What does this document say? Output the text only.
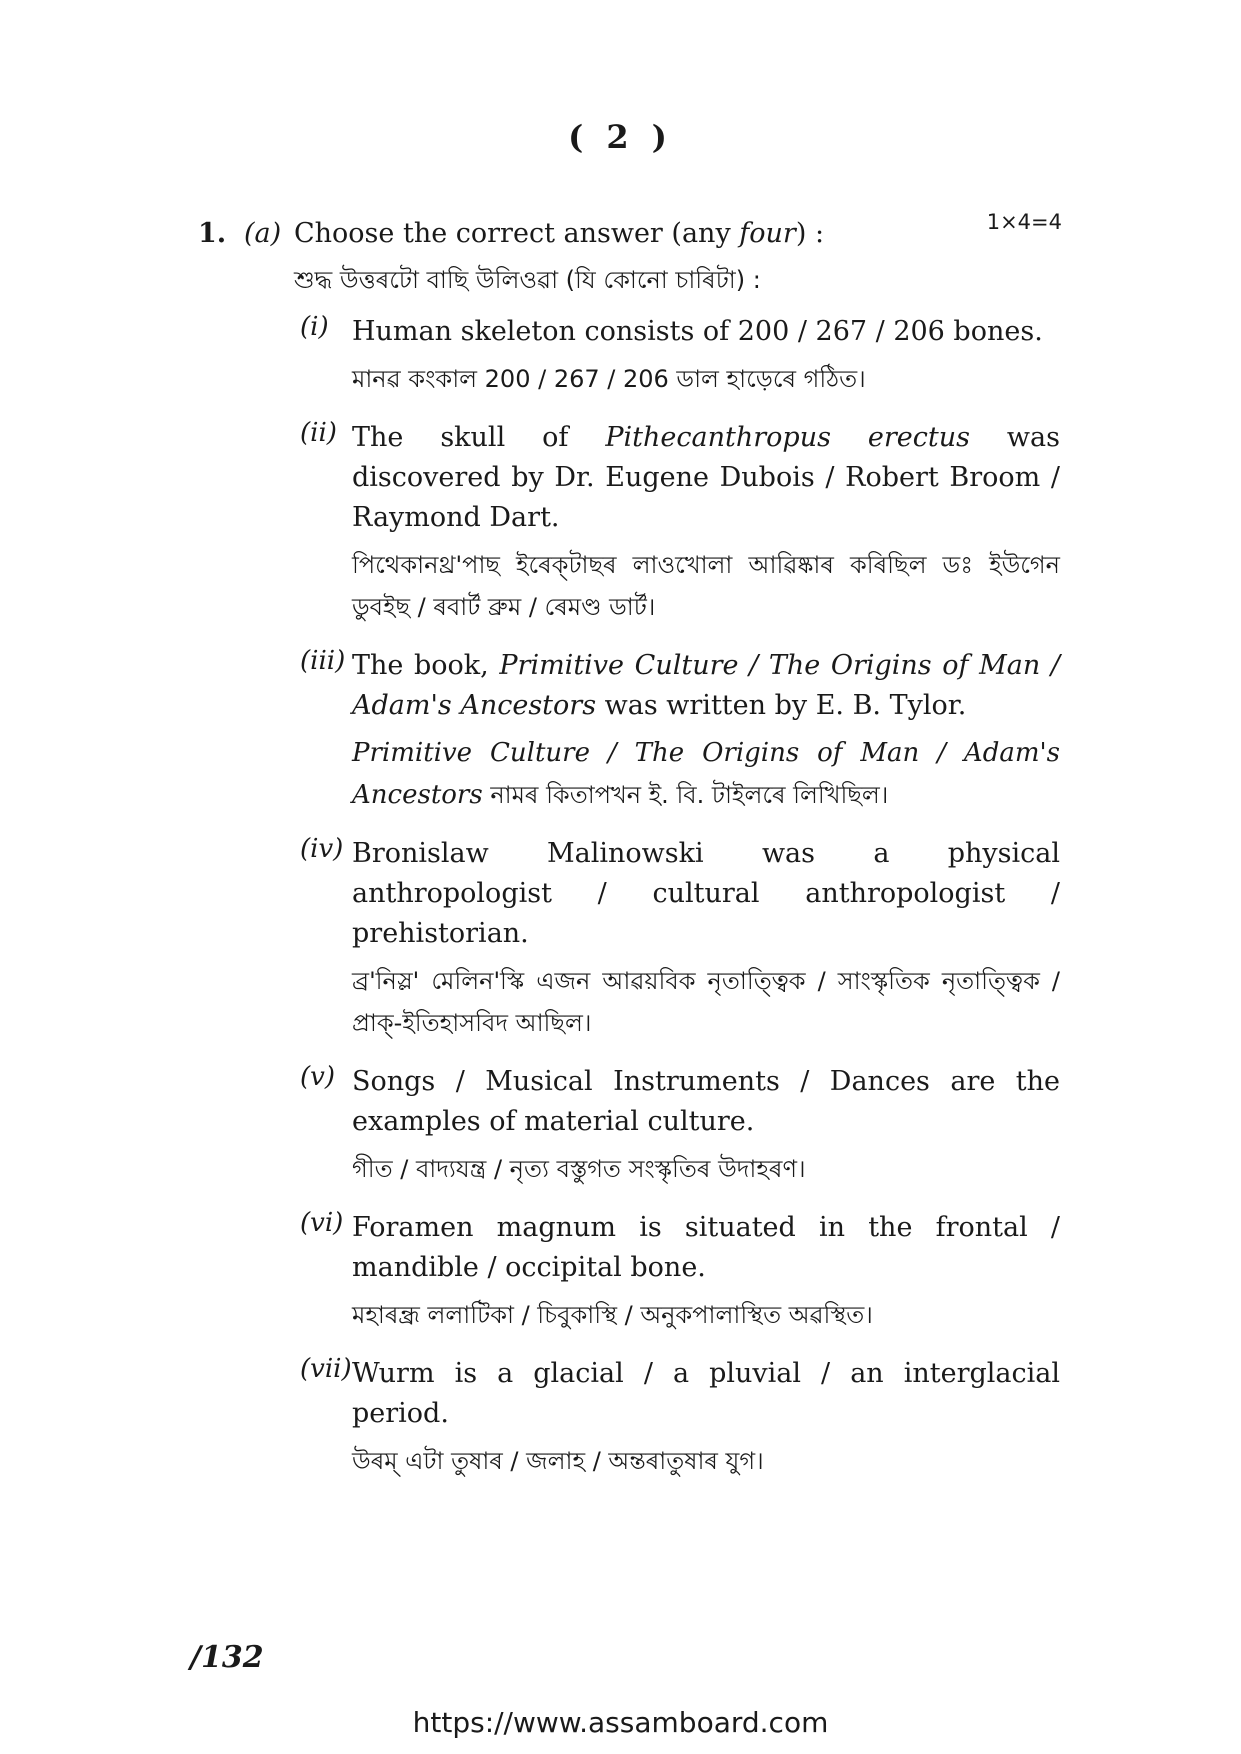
( 2 )
1. (a) Choose the correct answer (any four) :	1×4=4
শুদ্ধ উত্তৰটো বাছি উলিওৱা (যি কোনো চাৰিটা) :
(i) Human skeleton consists of 200 / 267 / 206 bones.
মানৱ কংকাল 200 / 267 / 206 ডাল হাড়েৰে গঠিত।
(ii) The skull of Pithecanthropus erectus was discovered by Dr. Eugene Dubois / Robert Broom / Raymond Dart.
পিথেকানথ্ৰ'পাছ ইৰেক্‌টাছৰ লাওখোলা আৱিষ্কাৰ কৰিছিল ডঃ ইউগেন ডুবইছ / ৰবাৰ্ট ব্ৰুম / ৰেমণ্ড ডাৰ্ট।
(iii) The book, Primitive Culture / The Origins of Man / Adam's Ancestors was written by E. B. Tylor.
Primitive Culture / The Origins of Man / Adam's Ancestors নামৰ কিতাপখন ই. বি. টাইলৰে লিখিছিল।
(iv) Bronislaw Malinowski was a physical anthropologist / cultural anthropologist / prehistorian.
ব্ৰ'নিস্ল' মেলিন'স্কি এজন আৱয়বিক নৃতাত্ত্বিক / সাংস্কৃতিক নৃতাত্ত্বিক / প্ৰাক্-ইতিহাসবিদ আছিল।
(v) Songs / Musical Instruments / Dances are the examples of material culture.
গীত / বাদ্যযন্ত্ৰ / নৃত্য বস্তুগত সংস্কৃতিৰ উদাহৰণ।
(vi) Foramen magnum is situated in the frontal / mandible / occipital bone.
মহাৰন্ধ্ৰ ললাটিকা / চিবুকাস্থি / অনুকপালাস্থিত অৱস্থিত।
(vii) Wurm is a glacial / a pluvial / an interglacial period.
উৰম্‌ এটা তুষাৰ / জলাহ / অন্তৰাতুষাৰ যুগ।
/132
https://www.assamboard.com
